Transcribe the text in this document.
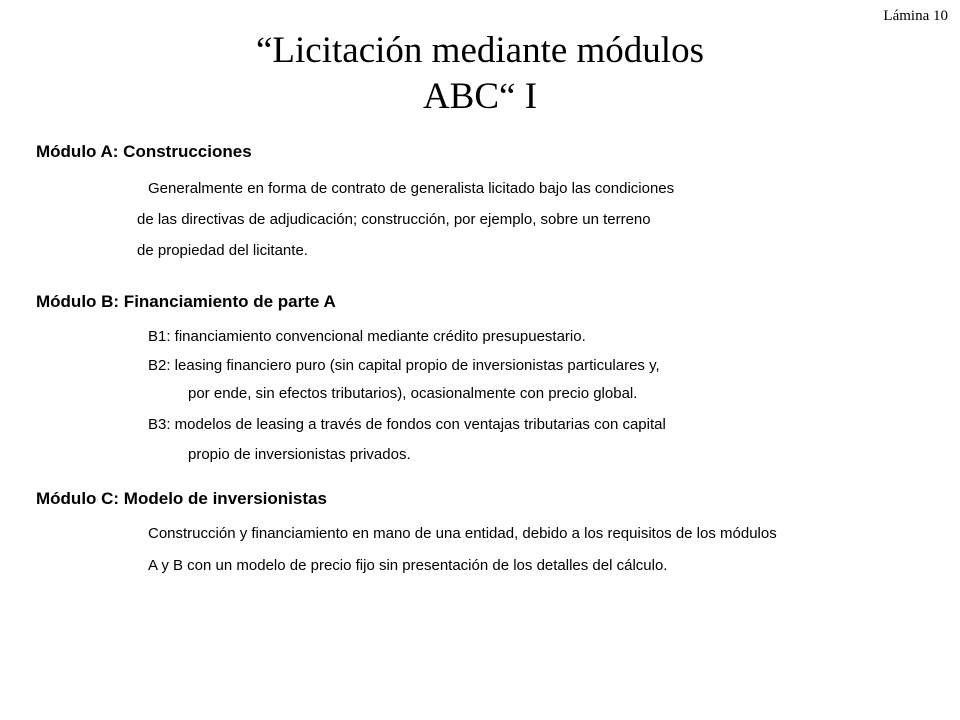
Lámina 10
“Licitación mediante módulos
ABC“ I
Módulo A: Construcciones

Generalmente en forma de contrato de generalista licitado bajo las condiciones

de las directivas de adjudicación; construcción, por ejemplo, sobre un terreno

de propiedad del licitante.

Módulo B: Financiamiento de parte A

B1: financiamiento convencional mediante crédito presupuestario.

B2: leasing financiero puro (sin capital propio de inversionistas particulares y,

por ende, sin efectos tributarios), ocasionalmente con precio global.

B3: modelos de leasing a través de fondos con ventajas tributarias con capital

propio de inversionistas privados.

Módulo C: Modelo de inversionistas

Construcción y financiamiento en mano de una entidad, debido a los requisitos de los módulos

A y B con un modelo de precio fijo sin presentación de los detalles del cálculo.
